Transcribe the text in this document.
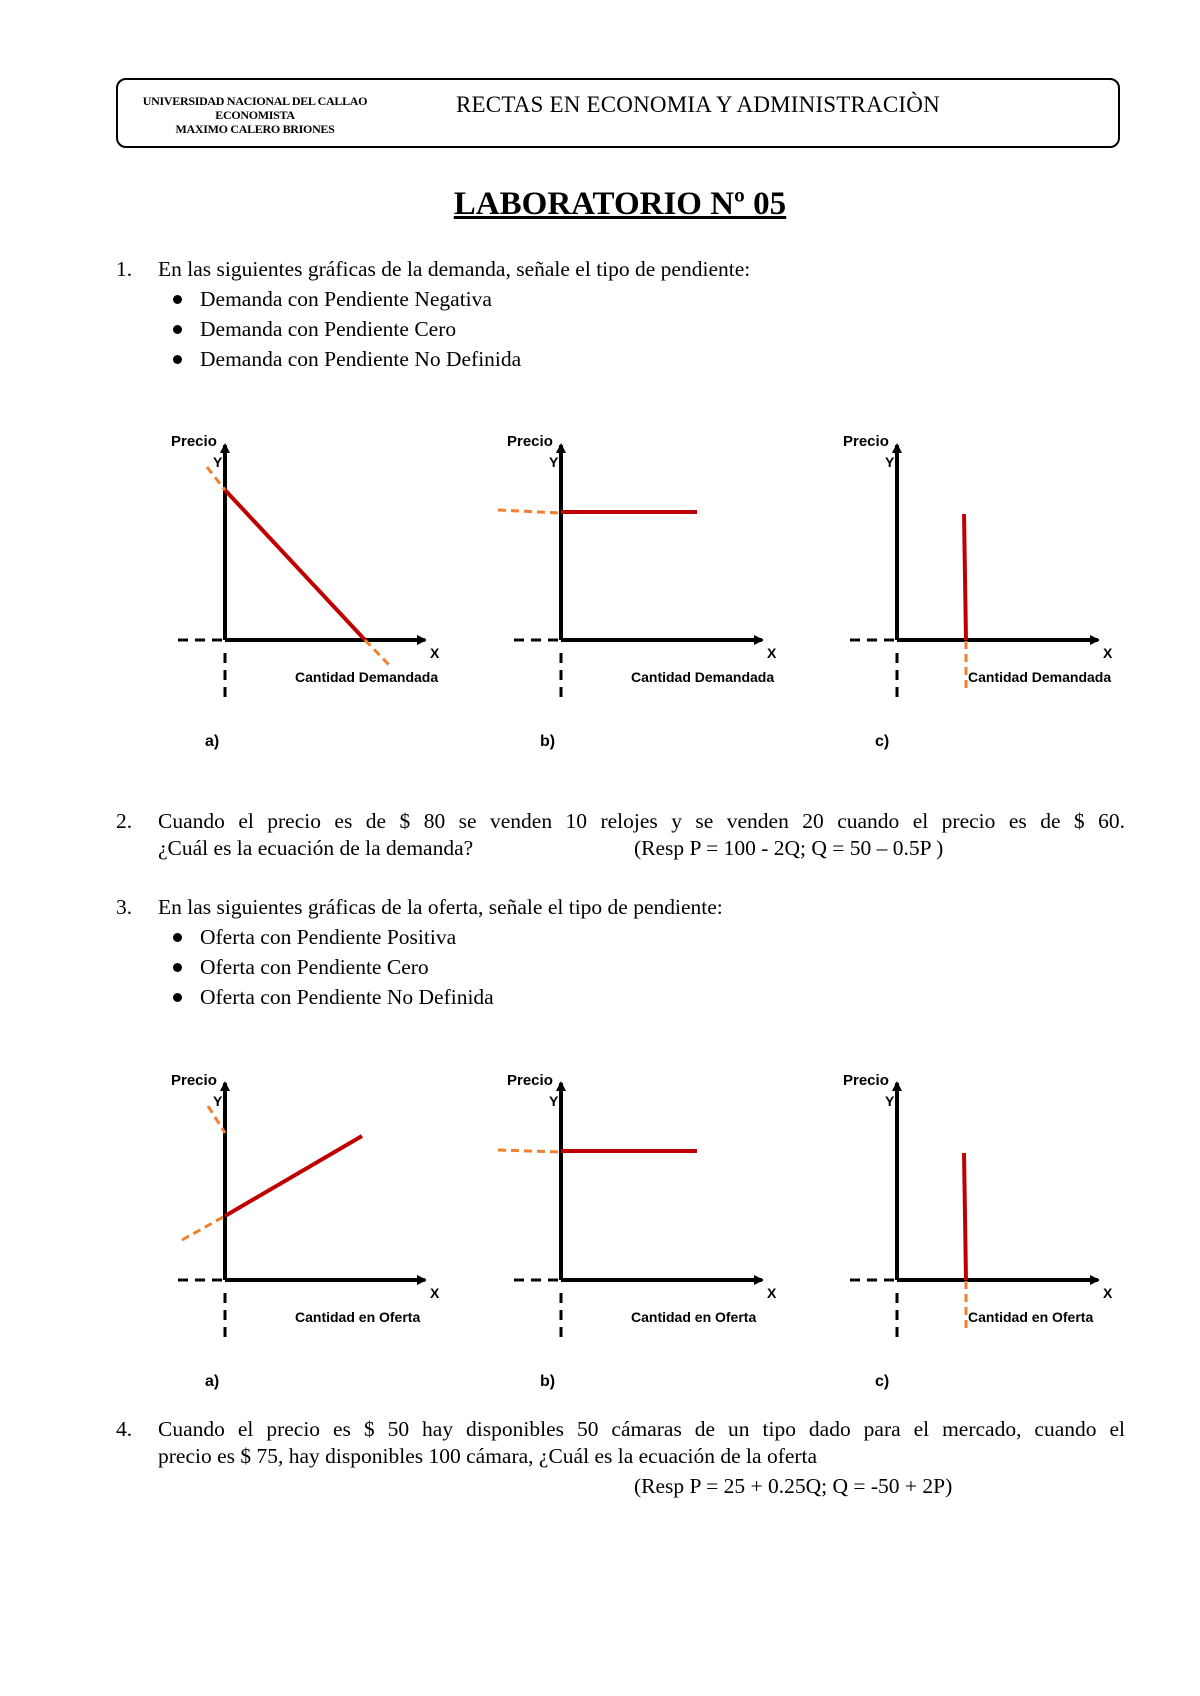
UNIVERSIDAD NACIONAL DEL CALLAO
ECONOMISTA
MAXIMO CALERO BRIONES
RECTAS EN ECONOMIA Y ADMINISTRACIÒN
LABORATORIO Nº 05
1. En las siguientes gráficas de la demanda, señale el tipo de pendiente:
Demanda con Pendiente Negativa
Demanda con Pendiente Cero
Demanda con Pendiente No Definida
2. Cuando el precio es de $ 80 se venden 10 relojes y se venden 20 cuando el precio es de $ 60.
¿Cuál es la ecuación de la demanda?	(Resp P = 100 - 2Q; Q = 50 – 0.5P )
3. En las siguientes gráficas de la oferta, señale el tipo de pendiente:
Oferta con Pendiente Positiva
Oferta con Pendiente Cero
Oferta con Pendiente No Definida
4. Cuando el precio es $ 50 hay disponibles 50 cámaras de un tipo dado para el mercado, cuando el
precio es $ 75, hay disponibles 100 cámara, ¿Cuál es la ecuación de la oferta
(Resp P = 25 + 0.25Q; Q = -50 + 2P)
Precio
Y
X
Cantidad Demandada
a)
Precio
Y
X
Cantidad Demandada
b)
Precio
Y
X
Cantidad Demandada
c)
Precio
Y
X
Cantidad en Oferta
a)
Precio
Y
X
Cantidad en Oferta
b)
Precio
Y
X
Cantidad en Oferta
c)
